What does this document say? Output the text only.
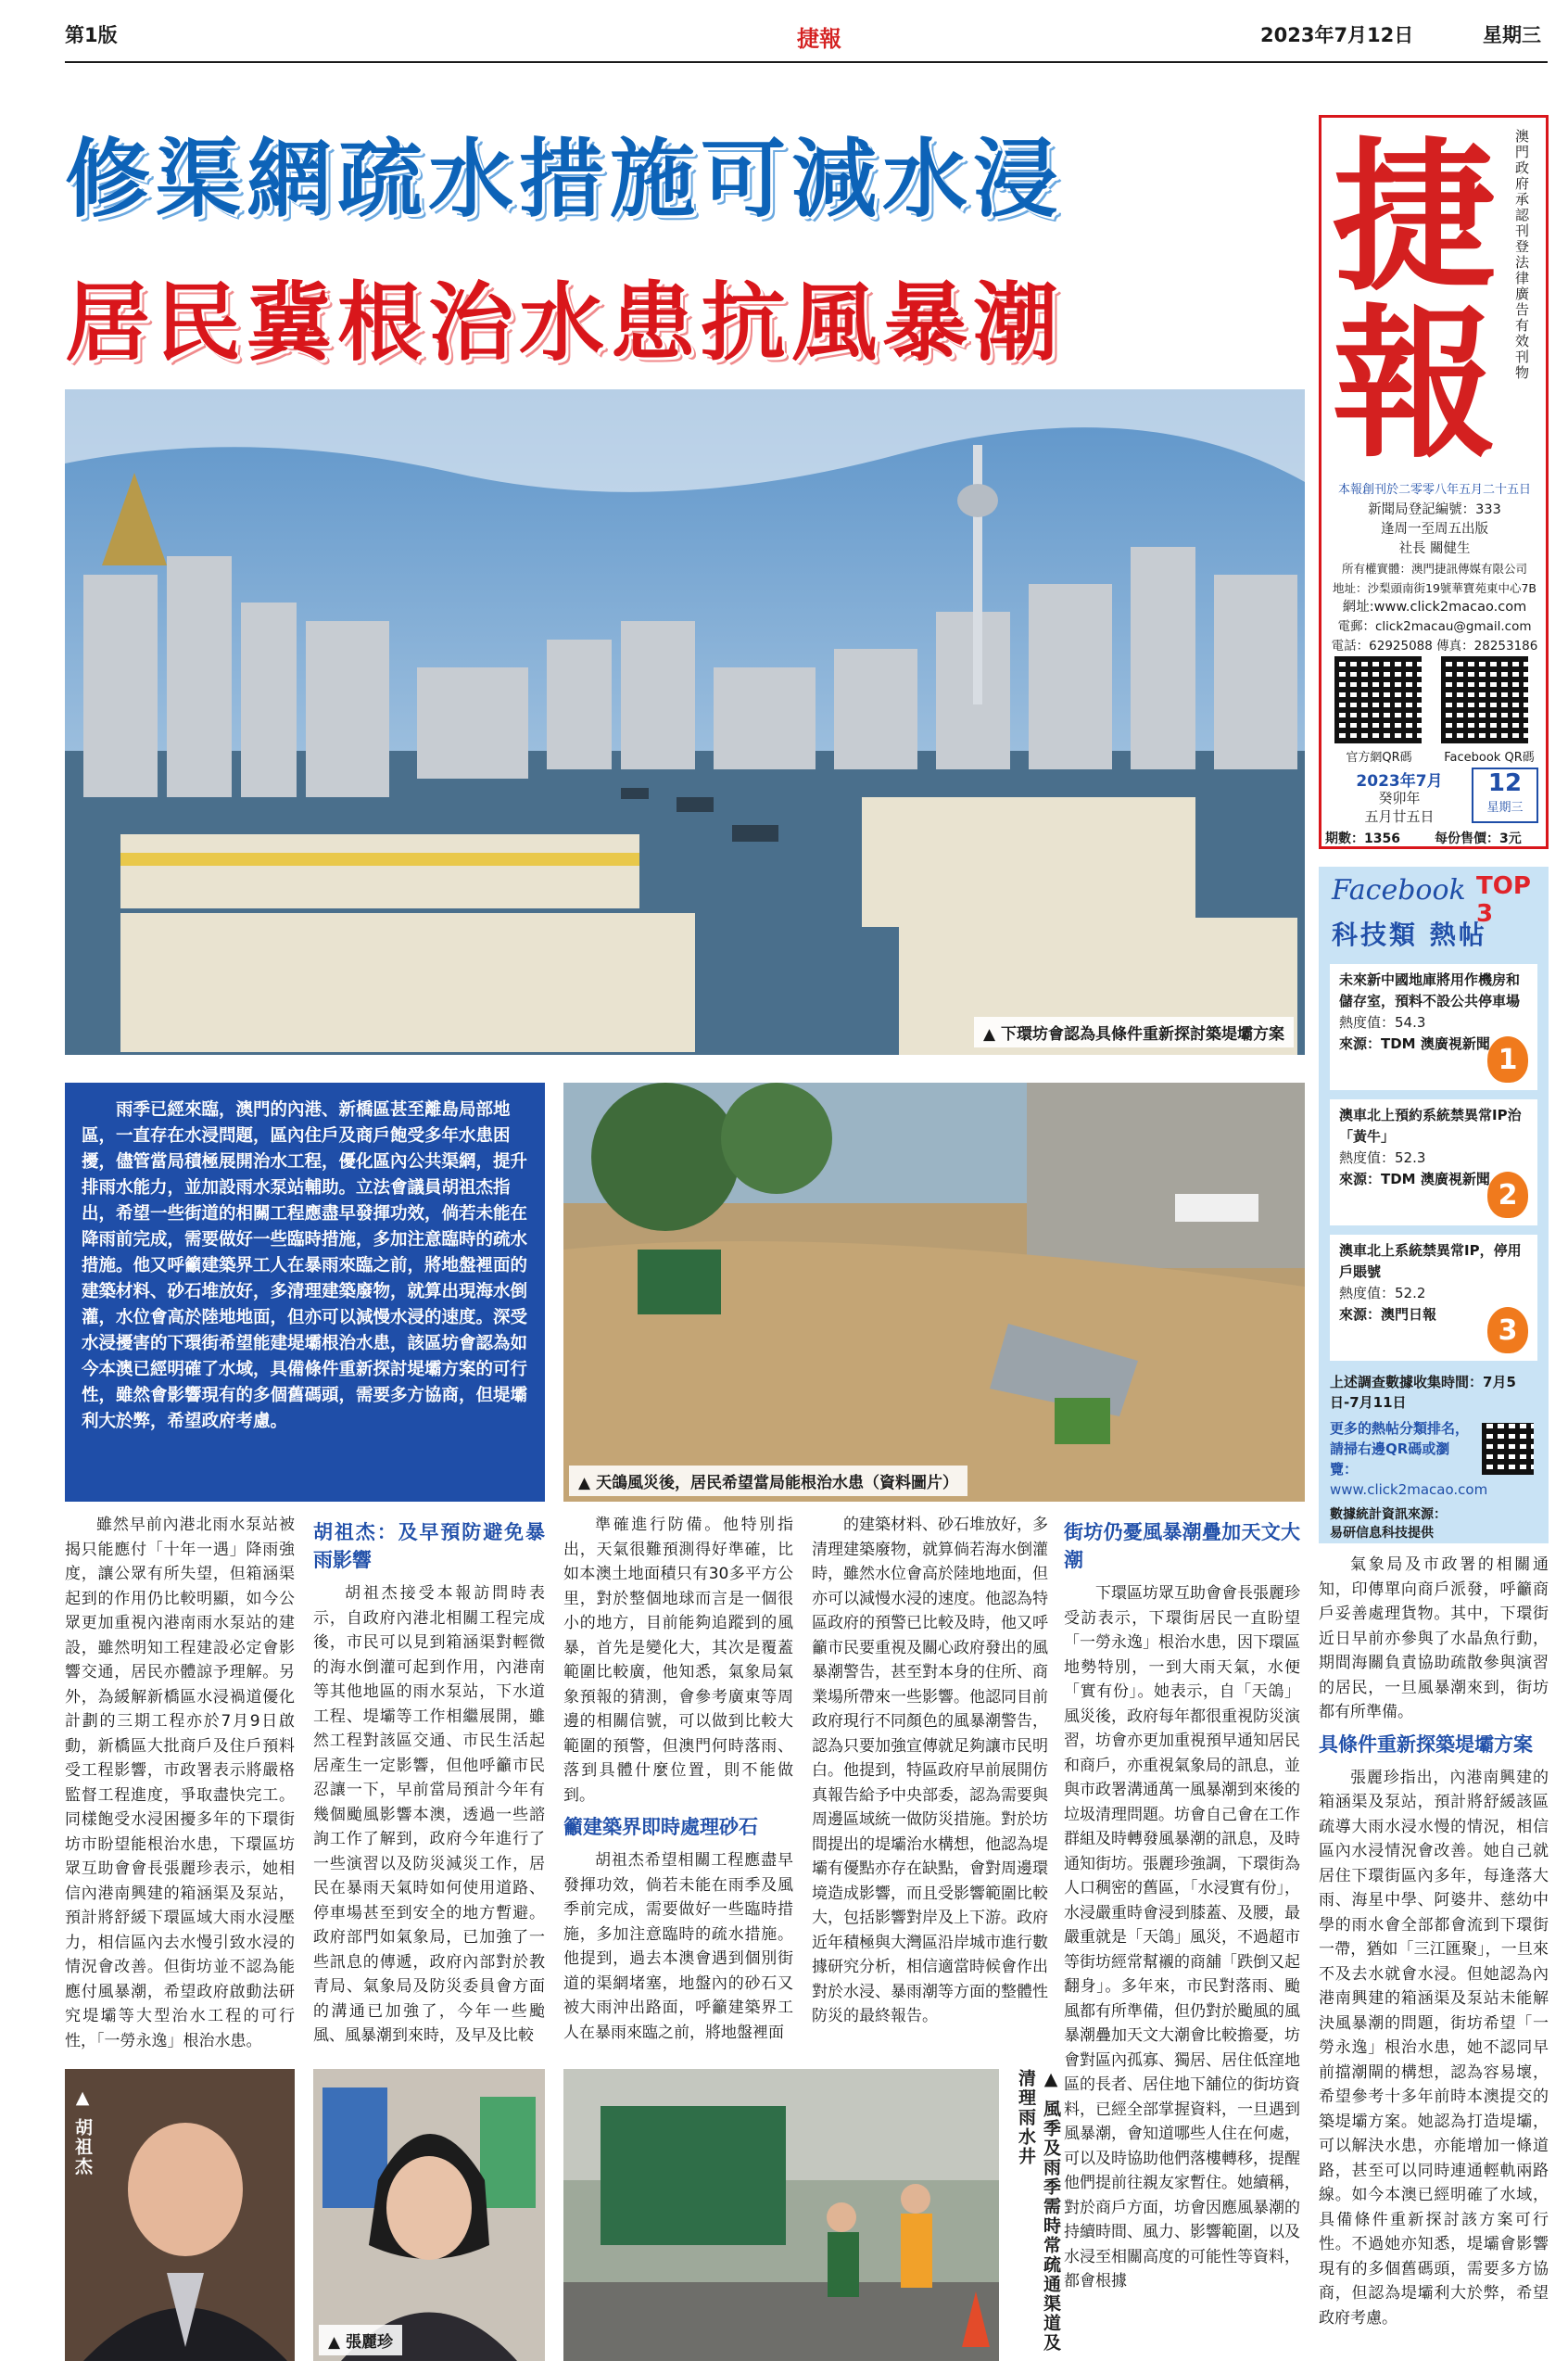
第1版	捷報	2023年7月12日	星期三
修渠網疏水措施可減水浸
居民冀根治水患抗風暴潮
▲ 下環坊會認為具條件重新探討築堤壩方案
雨季已經來臨，澳門的內港、新橋區甚至離島局部地區，一直存在水浸問題，區內住戶及商戶飽受多年水患困擾，儘管當局積極展開治水工程，優化區內公共渠網，提升排雨水能力，並加設雨水泵站輔助。立法會議員胡祖杰指出，希望一些街道的相關工程應盡早發揮功效，倘若未能在降雨前完成，需要做好一些臨時措施，多加注意臨時的疏水措施。他又呼籲建築界工人在暴雨來臨之前，將地盤裡面的建築材料、砂石堆放好，多清理建築廢物，就算出現海水倒灌，水位會高於陸地地面，但亦可以減慢水浸的速度。深受水浸擾害的下環街希望能建堤壩根治水患，該區坊會認為如今本澳已經明確了水域，具備條件重新探討堤壩方案的可行性，雖然會影響現有的多個舊碼頭，需要多方協商，但堤壩利大於弊，希望政府考慮。
▲ 天鴿風災後，居民希望當局能根治水患（資料圖片）

雖然早前內港北雨水泵站被揭只能應付「十年一遇」降雨強度，讓公眾有所失望，但箱涵渠起到的作用仍比較明顯，如今公眾更加重視內港南雨水泵站的建設，雖然明知工程建設必定會影響交通，居民亦體諒予理解。另外，為緩解新橋區水浸禍道優化計劃的三期工程亦於7月9日啟動，新橋區大批商戶及住戶預料受工程影響，市政署表示將嚴格監督工程進度，爭取盡快完工。同樣飽受水浸困擾多年的下環街坊市盼望能根治水患，下環區坊眾互助會會長張麗珍表示，她相信內港南興建的箱涵渠及泵站，預計將舒緩下環區域大雨水浸壓力，相信區內去水慢引致水浸的情況會改善。但街坊並不認為能應付風暴潮，希望政府啟動法研究堤壩等大型治水工程的可行性，「一勞永逸」根治水患。

胡祖杰：及早預防避免暴雨影響

胡祖杰接受本報訪問時表示，自政府內港北相關工程完成後，市民可以見到箱涵渠對輕微的海水倒灌可起到作用，內港南等其他地區的雨水泵站，下水道工程、堤壩等工作相繼展開，雖然工程對該區交通、市民生活起居產生一定影響，但他呼籲市民忍讓一下，早前當局預計今年有幾個颱風影響本澳，透過一些諮詢工作了解到，政府今年進行了一些演習以及防災減災工作，居民在暴雨天氣時如何使用道路、停車場甚至到安全的地方暫避。政府部門如氣象局，已加強了一些訊息的傳遞，政府內部對於教青局、氣象局及防災委員會方面的溝通已加強了，今年一些颱風、風暴潮到來時，及早及比較

準確進行防備。他特別指出，天氣很難預測得好準確，比如本澳土地面積只有30多平方公里，對於整個地球而言是一個很小的地方，目前能夠追蹤到的風暴，首先是變化大，其次是覆蓋範圍比較廣，他知悉，氣象局氣象預報的猜測，會參考廣東等周邊的相關信號，可以做到比較大範圍的預警，但澳門何時落雨、落到具體什麼位置，則不能做到。

籲建築界即時處理砂石

胡祖杰希望相關工程應盡早發揮功效，倘若未能在雨季及風季前完成，需要做好一些臨時措施，多加注意臨時的疏水措施。他提到，過去本澳會遇到個別街道的渠網堵塞，地盤內的砂石又被大雨沖出路面，呼籲建築界工人在暴雨來臨之前，將地盤裡面

的建築材料、砂石堆放好，多清理建築廢物，就算倘若海水倒灌時，雖然水位會高於陸地地面，但亦可以減慢水浸的速度。他認為特區政府的預警已比較及時，他又呼籲市民要重視及關心政府發出的風暴潮警告，甚至對本身的住所、商業場所帶來一些影響。他認同目前政府現行不同顏色的風暴潮警告，認為只要加強宣傳就足夠讓市民明白。他提到，特區政府早前展開仿真報告給予中央部委，認為需要與周邊區域統一做防災措施。對於坊間提出的堤壩治水構想，他認為堤壩有優點亦存在缺點，會對周邊環境造成影響，而且受影響範圍比較大，包括影響對岸及上下游。政府近年積極與大灣區沿岸城市進行數據研究分析，相信適當時候會作出對於水浸、暴雨潮等方面的整體性防災的最終報告。

街坊仍憂風暴潮疊加天文大潮

下環區坊眾互助會會長張麗珍受訪表示，下環街居民一直盼望「一勞永逸」根治水患，因下環區地勢特別，一到大雨天氣，水便「實有份」。她表示，自「天鴿」風災後，政府每年都很重視防災演習，坊會亦更加重視預早通知居民和商戶，亦重視氣象局的訊息，並與市政署溝通萬一風暴潮到來後的垃圾清理問題。坊會自己會在工作群組及時轉發風暴潮的訊息，及時通知街坊。張麗珍強調，下環街為人口稠密的舊區，「水浸實有份」，水浸嚴重時會浸到膝蓋、及腰，最嚴重就是「天鴿」風災，不過超市等街坊經常幫襯的商舖「跌倒又起翻身」。多年來，市民對落雨、颱風都有所準備，但仍對於颱風的風暴潮疊加天文大潮會比較擔憂，坊會對區內孤寡、獨居、居住低窪地區的長者、居住地下舖位的街坊資料，已經全部掌握資料，一旦遇到風暴潮，會知道哪些人住在何處，可以及時協助他們落樓轉移，提醒他們提前往親友家暫住。她續稱，對於商戶方面，坊會因應風暴潮的持續時間、風力、影響範圍，以及水浸至相關高度的可能性等資料，都會根據

氣象局及市政署的相關通知，印傳單向商戶派發，呼籲商戶妥善處理貨物。其中，下環街近日早前亦參與了水晶魚行動，期間海關負責協助疏散參與演習的居民，一旦風暴潮來到，街坊都有所準備。

具條件重新探築堤壩方案

張麗珍指出，內港南興建的箱涵渠及泵站，預計將舒緩該區疏導大雨水浸水慢的情況，相信區內水浸情況會改善。她自己就居住下環街區內多年，每逢落大雨、海星中學、阿婆井、慈幼中學的雨水會全部都會流到下環街一帶，猶如「三江匯聚」，一旦來不及去水就會水浸。但她認為內港南興建的箱涵渠及泵站未能解決風暴潮的問題，街坊希望「一勞永逸」根治水患，她不認同早前擋潮閘的構想，認為容易壞，希望參考十多年前時本澳提交的築堤壩方案。她認為打造堤壩，可以解決水患，亦能增加一條道路，甚至可以同時連通輕軌兩路線。如今本澳已經明確了水域，具備條件重新探討該方案可行性。不過她亦知悉，堤壩會影響現有的多個舊碼頭，需要多方協商，但認為堤壩利大於弊，希望政府考慮。

▲ 胡祖杰
▲ 張麗珍	▲ 風季及雨季需時常疏通渠道及清理雨水井
捷
報
澳門政府承認刊登法律廣告有效刊物
本報創刊於二零零八年五月二十五日
新聞局登記編號：333
逢周一至周五出版
社長 關健生
所有權實體：澳門捷訊傳媒有限公司
地址：沙梨頭南街19號華寶苑東中心7B
網址:www.click2macao.com
電郵：click2macau@gmail.com
電話：62925088 傳真：28253186
官方網QR碼	Facebook QR碼
2023年7月
癸卯年
五月廿五日
12
星期三
期數：1356	每份售價：3元
Facebook TOP 3
科技類 熱帖
未來新中國地庫將用作機房和儲存室，預料不設公共停車場
熱度值：54.3
來源：TDM 澳廣視新聞 1
澳車北上預約系統禁異常IP治「黃牛」
熱度值：52.3
來源：TDM 澳廣視新聞 2
澳車北上系統禁異常IP，停用戶賬號
熱度值：52.2
來源：澳門日報	3
上述調查數據收集時間：7月5日-7月11日
更多的熱帖分類排名，請掃右邊QR碼或瀏覽：
www.click2macao.com
數據統計資訊來源：
易研信息科技提供
